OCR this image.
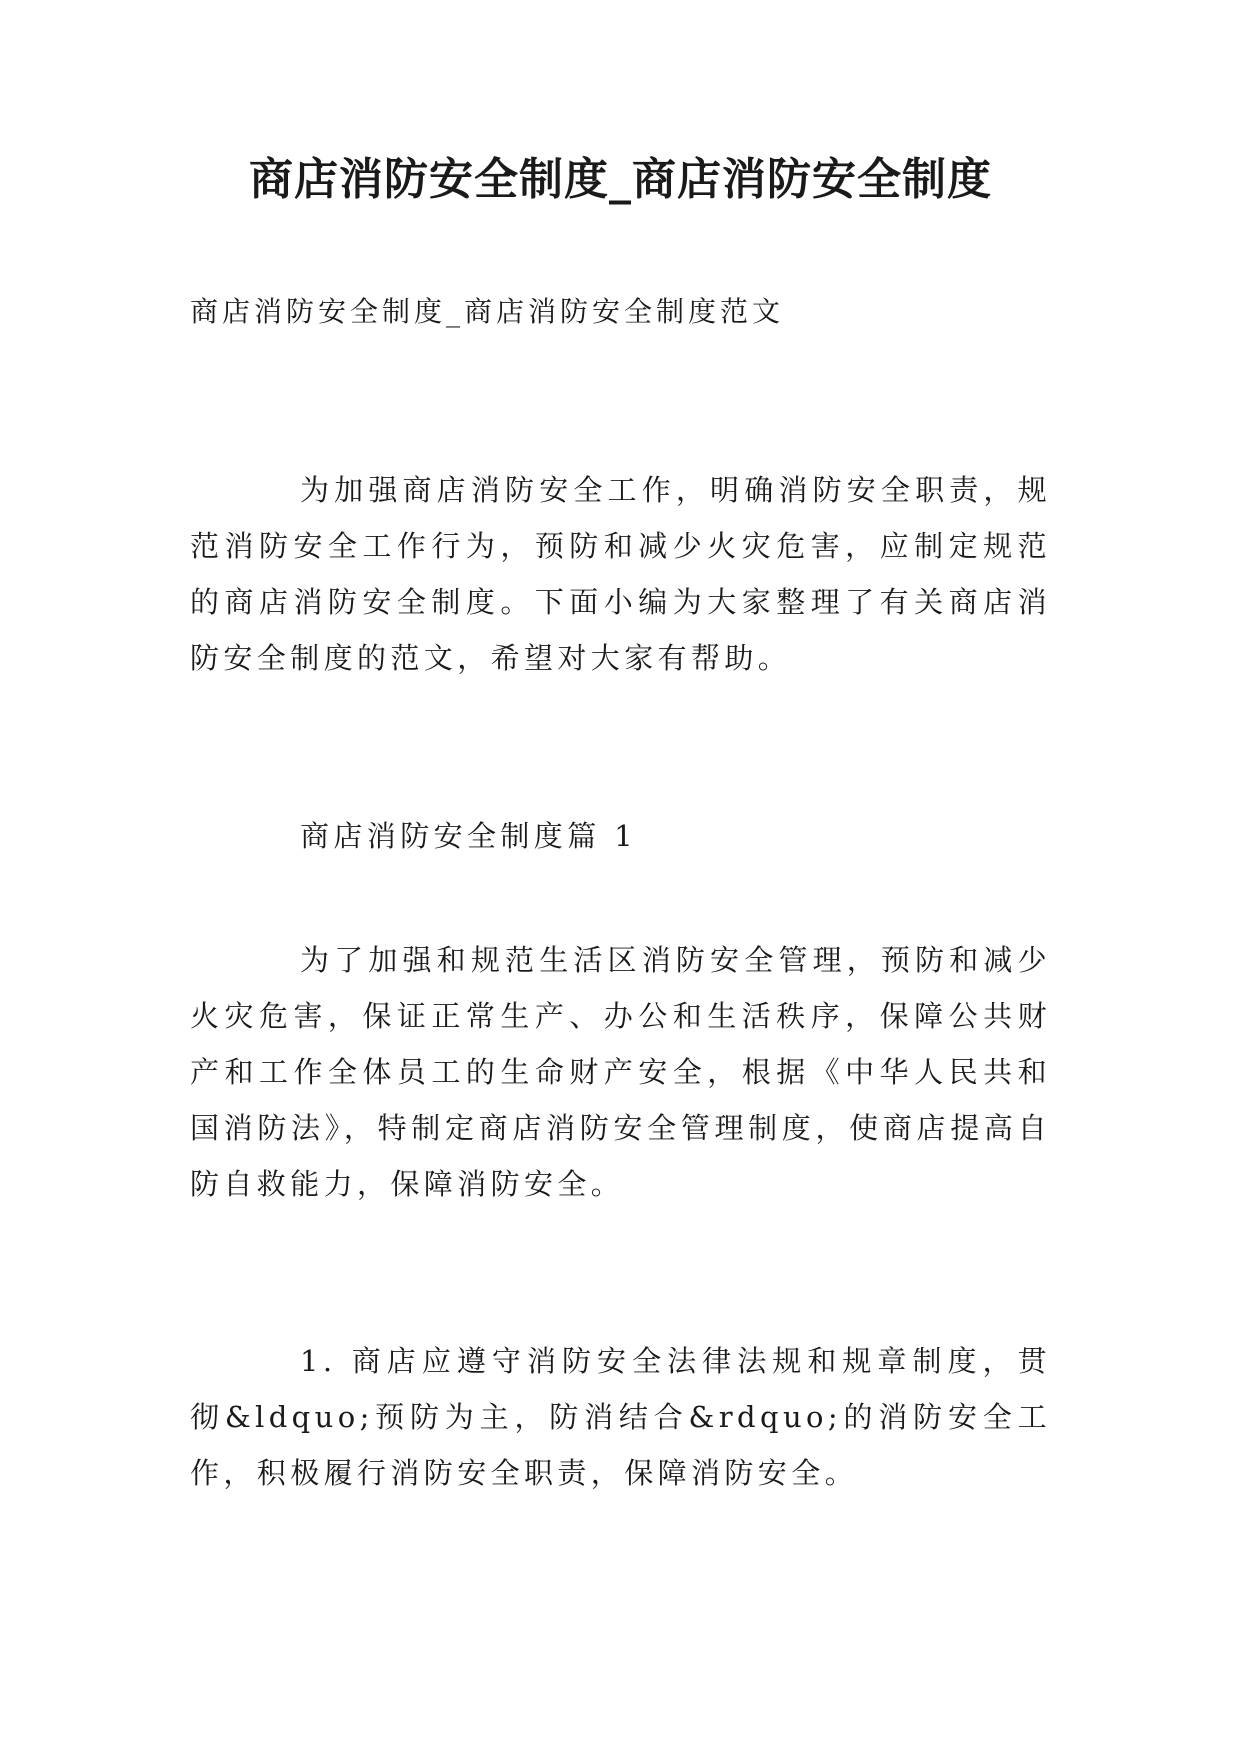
商店消防安全制度_商店消防安全制度
商店消防安全制度_商店消防安全制度范文

为加强商店消防安全工作，明确消防安全职责，规范消防安全工作行为，预防和减少火灾危害，应制定规范的商店消防安全制度。下面小编为大家整理了有关商店消防安全制度的范文，希望对大家有帮助。

商店消防安全制度篇 1

为了加强和规范生活区消防安全管理，预防和减少火灾危害，保证正常生产、办公和生活秩序，保障公共财产和工作全体员工的生命财产安全，根据《中华人民共和国消防法》，特制定商店消防安全管理制度，使商店提高自防自救能力，保障消防安全。

1. 商店应遵守消防安全法律法规和规章制度，贯彻&ldquo;预防为主，防消结合&rdquo;的消防安全工作，积极履行消防安全职责，保障消防安全。
